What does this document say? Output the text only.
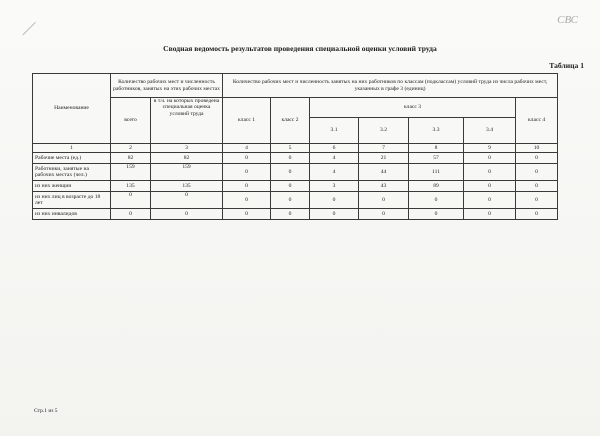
СВС
Сводная ведомость результатов проведения специальной оценки условий труда
Таблица 1
Наименование	Количество рабочих мест и численность работников, занятых на этих рабочих местах		Количество рабочих мест и численность занятых на них работников по классам (подклассам) условий труда из числа рабочих мест, указанных в графе 3 (единиц)						
	всего	в т.ч. на которых проведена специальная оценка условий труда	класс 1	класс 2	класс 3				класс 4
					3.1	3.2	3.3	3.4	
1	2	3	4	5	6	7	8	9	10
Рабочие места (ед.)	82	82	0	0	4	21	57	0	0
Работники, занятые на рабочих местах (чел.)	159	159	0	0	4	44	111	0	0
из них женщин	135	135	0	0	3	43	89	0	0
из них лиц в возрасте до 18 лет	0	0	0	0	0	0	0	0	0
из них инвалидов	0	0	0	0	0	0	0	0	0
Стр.1 из 5
